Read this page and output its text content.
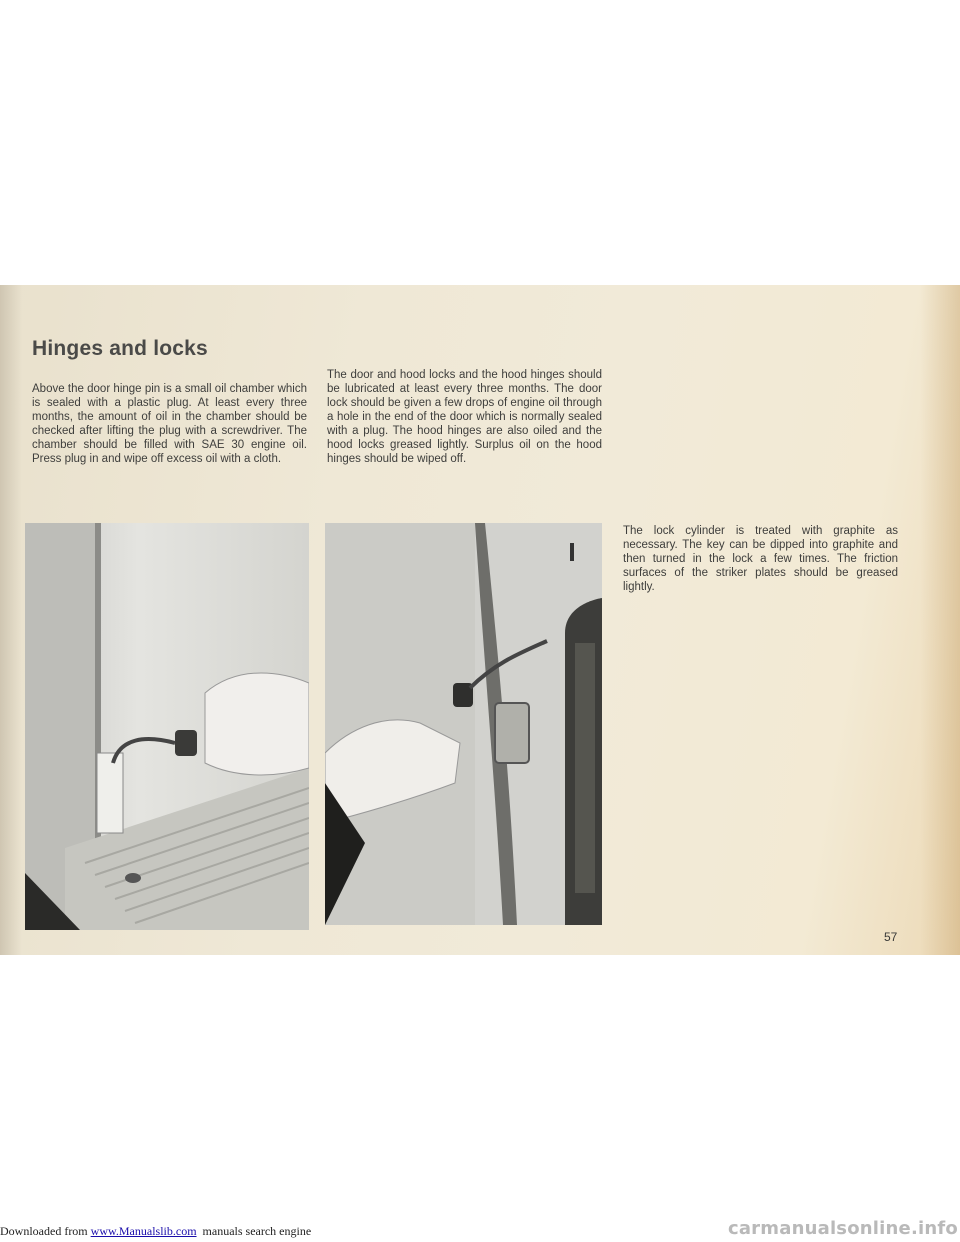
Hinges and locks

Above the door hinge pin is a small oil chamber which is sealed with a plastic plug. At least every three months, the amount of oil in the chamber should be checked after lifting the plug with a screwdriver. The chamber should be filled with SAE 30 engine oil. Press plug in and wipe off excess oil with a cloth.

The door and hood locks and the hood hinges should be lubricated at least every three months. The door lock should be given a few drops of engine oil through a hole in the end of the door which is normally sealed with a plug. The hood hinges are also oiled and the hood locks greased lightly. Surplus oil on the hood hinges should be wiped off.

The lock cylinder is treated with graphite as necessary. The key can be dipped into graphite and then turned in the lock a few times. The friction surfaces of the striker plates should be greased lightly.

57
Downloaded from www.Manualslib.com  manuals search engine	carmanualsonline.info
